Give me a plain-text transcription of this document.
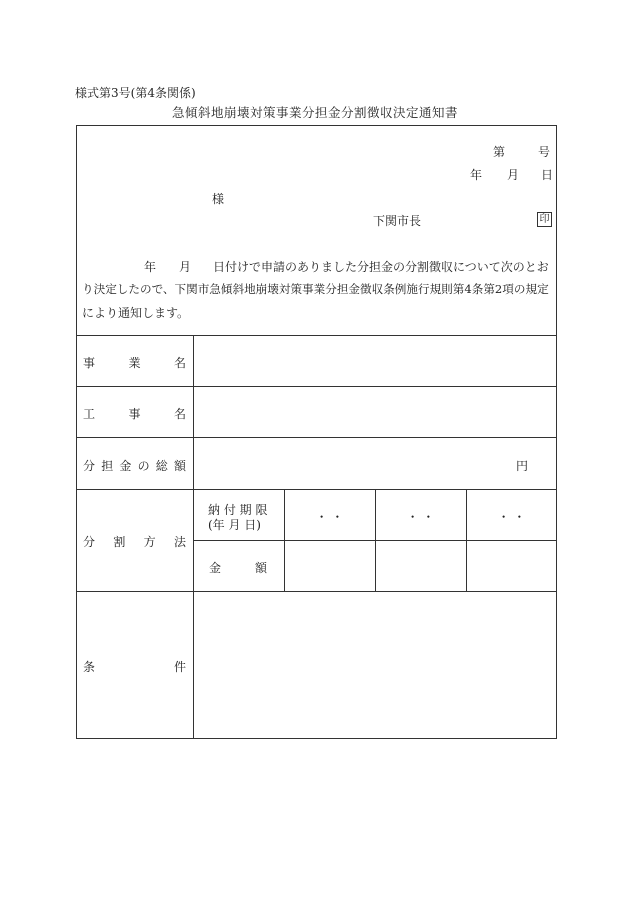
様式第3号(第4条関係)
急傾斜地崩壊対策事業分担金分割徴収決定通知書
第	号
年 月 日
様
下関市長	印
年 月 日付けで申請のありました分担金の分割徴収について次のとお
り決定したので、下関市急傾斜地崩壊対策事業分担金徴収条例施行規則第4条第2項の規定
により通知します。
事	業	名
工	事	名
分 担 金 の 総 額	円
分 割 方 法
納 付 期 限
(年 月 日)
・ ・	・ ・	・ ・
金	額
条	件
